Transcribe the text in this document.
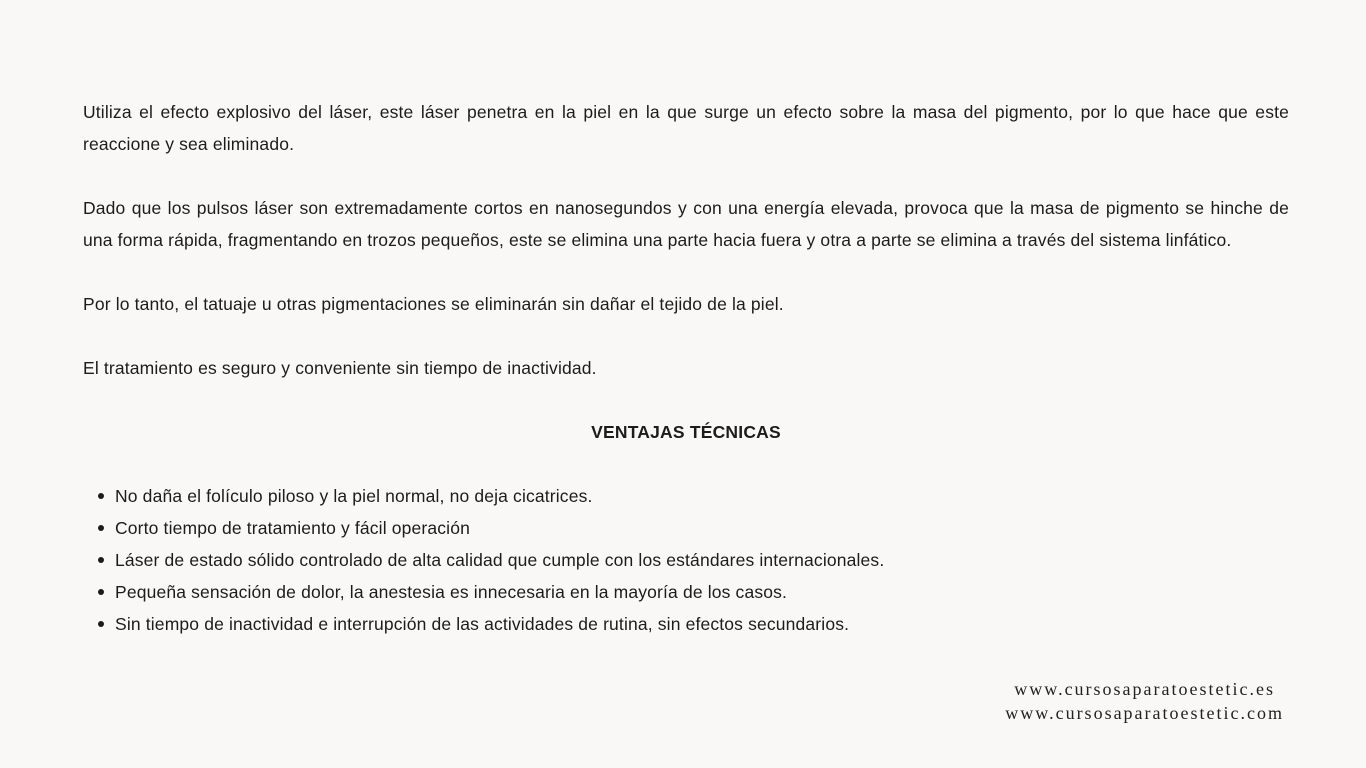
Utiliza el efecto explosivo del láser, este láser penetra en la piel en la que surge un efecto sobre la masa del pigmento, por lo que hace que este reaccione y sea eliminado.

Dado que los pulsos láser son extremadamente cortos en nanosegundos y con una energía elevada, provoca que la masa de pigmento se hinche de una forma rápida, fragmentando en trozos pequeños, este se elimina una parte hacia fuera y otra a parte se elimina a través del sistema linfático.

Por lo tanto, el tatuaje u otras pigmentaciones se eliminarán sin dañar el tejido de la piel.

El tratamiento es seguro y conveniente sin tiempo de inactividad.

VENTAJAS TÉCNICAS
No daña el folículo piloso y la piel normal, no deja cicatrices.
Corto tiempo de tratamiento y fácil operación
Láser de estado sólido controlado de alta calidad que cumple con los estándares internacionales.
Pequeña sensación de dolor, la anestesia es innecesaria en la mayoría de los casos.
Sin tiempo de inactividad e interrupción de las actividades de rutina, sin efectos secundarios.
www.cursosaparatoestetic.es
www.cursosaparatoestetic.com
